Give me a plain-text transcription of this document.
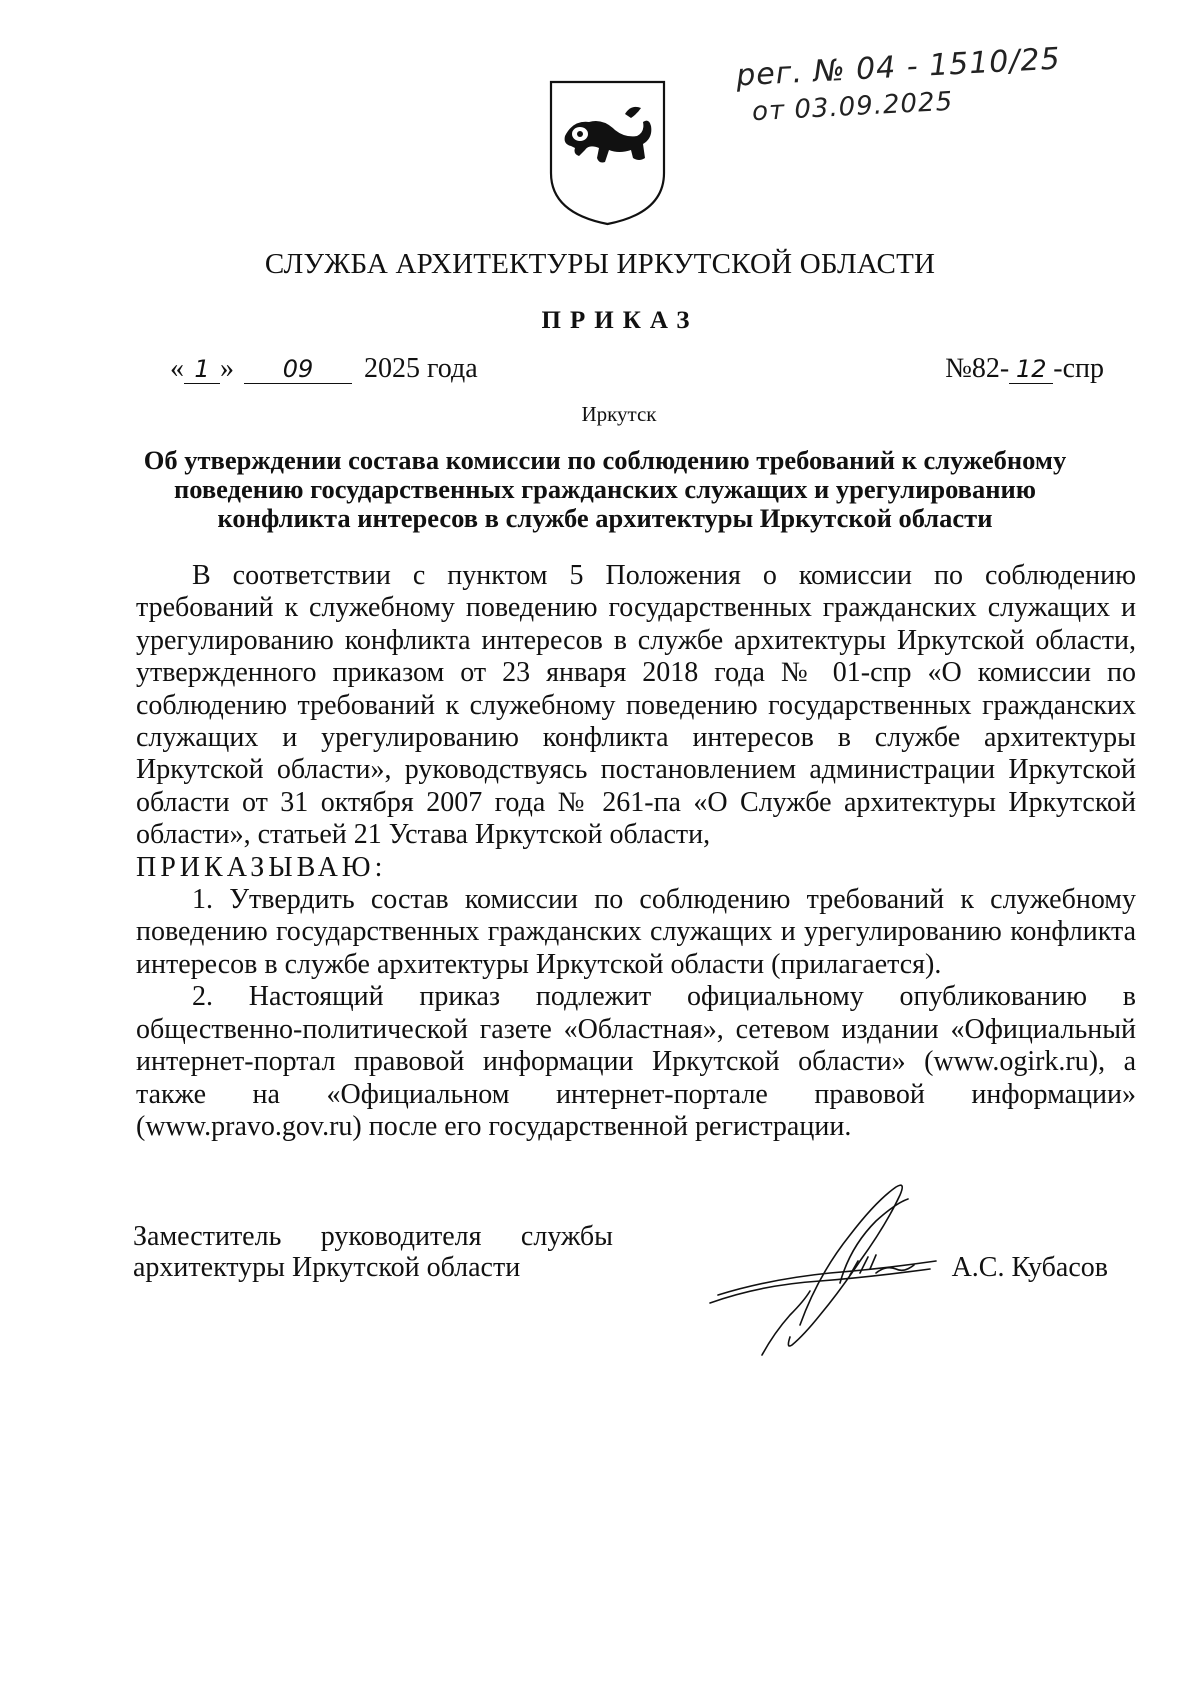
рег. № 04 - 1510/25
от 03.09.2025
СЛУЖБА АРХИТЕКТУРЫ ИРКУТСКОЙ ОБЛАСТИ
ПРИКАЗ
« 1 » 09 2025 года	№82- 12 -спр
Иркутск
Об утверждении состава комиссии по соблюдению требований к служебному поведению государственных гражданских служащих и урегулированию конфликта интересов в службе архитектуры Иркутской области

В соответствии с пунктом 5 Положения о комиссии по соблюдению требований к служебному поведению государственных гражданских служащих и урегулированию конфликта интересов в службе архитектуры Иркутской области, утвержденного приказом от 23 января 2018 года № 01-спр «О комиссии по соблюдению требований к служебному поведению государственных гражданских служащих и урегулированию конфликта интересов в службе архитектуры Иркутской области», руководствуясь постановлением администрации Иркутской области от 31 октября 2007 года № 261-па «О Службе архитектуры Иркутской области», статьей 21 Устава Иркутской области,

ПРИКАЗЫВАЮ:

1. Утвердить состав комиссии по соблюдению требований к служебному поведению государственных гражданских служащих и урегулированию конфликта интересов в службе архитектуры Иркутской области (прилагается).

2. Настоящий приказ подлежит официальному опубликованию в общественно-политической газете «Областная», сетевом издании «Официальный интернет-портал правовой информации Иркутской области» (www.ogirk.ru), а также на «Официальном интернет-портале правовой информации» (www.pravo.gov.ru) после его государственной регистрации.

Заместитель руководителя службы
архитектуры Иркутской области	А.С. Кубасов
